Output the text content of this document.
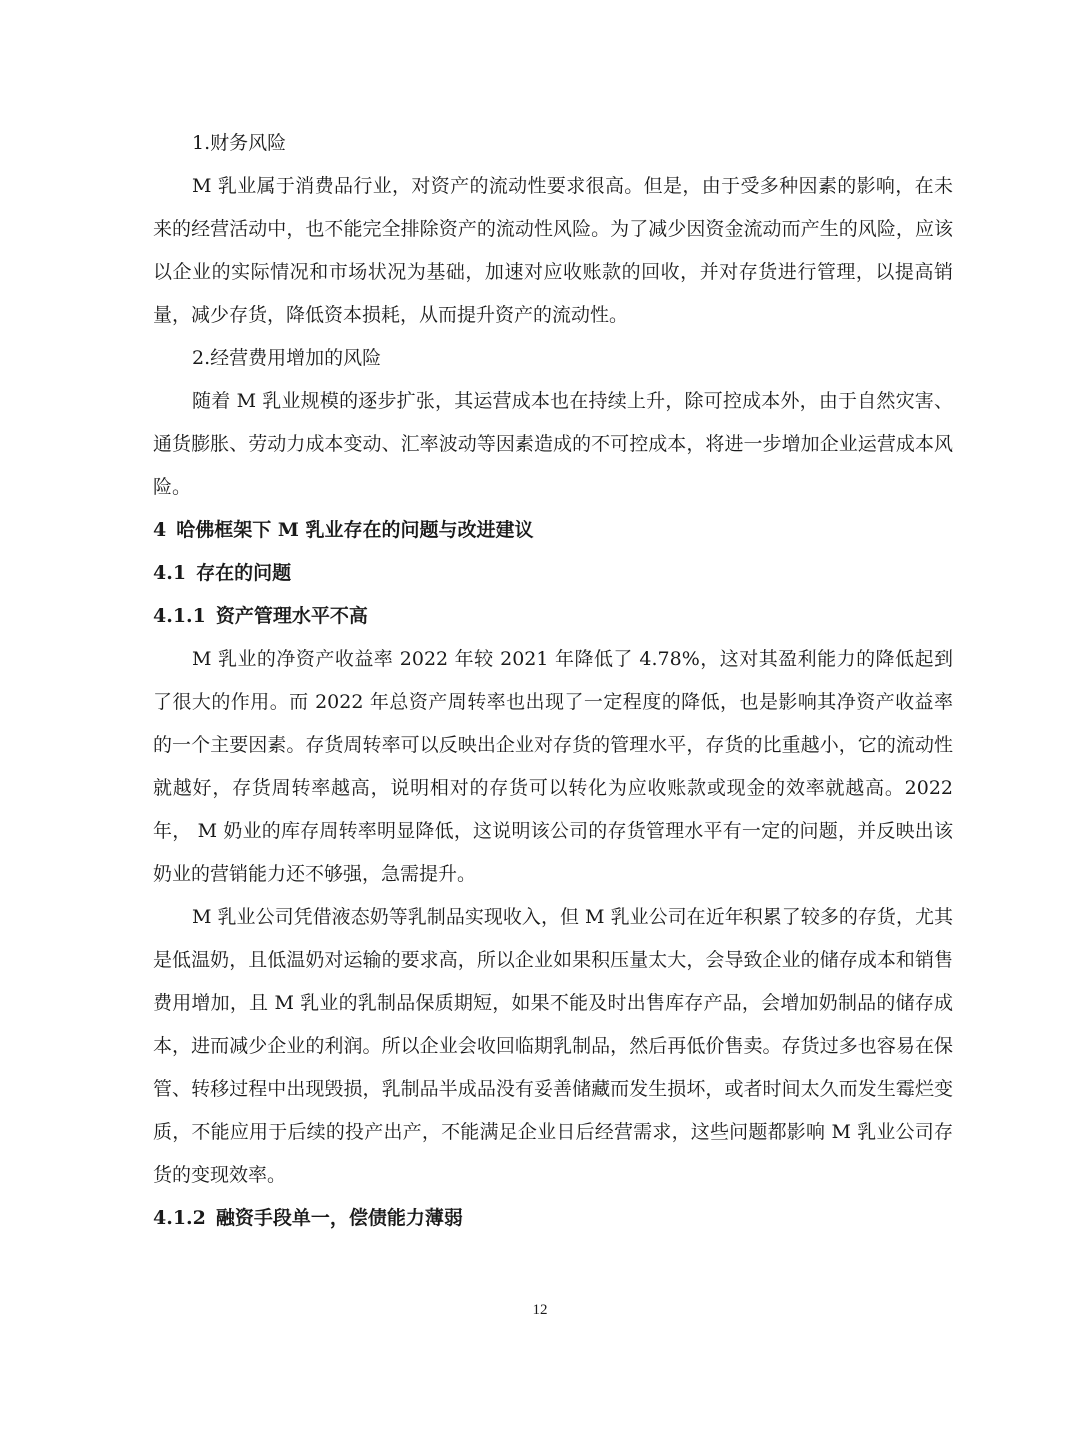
1.财务风险

M 乳业属于消费品行业，对资产的流动性要求很高。但是，由于受多种因素的影响，在未来的经营活动中，也不能完全排除资产的流动性风险。为了减少因资金流动而产生的风险，应该以企业的实际情况和市场状况为基础，加速对应收账款的回收，并对存货进行管理，以提高销量，减少存货，降低资本损耗，从而提升资产的流动性。

2.经营费用增加的风险

随着 M 乳业规模的逐步扩张，其运营成本也在持续上升，除可控成本外，由于自然灾害、通货膨胀、劳动力成本变动、汇率波动等因素造成的不可控成本，将进一步增加企业运营成本风险。

4 哈佛框架下 M 乳业存在的问题与改进建议

4.1 存在的问题

4.1.1 资产管理水平不高

M 乳业的净资产收益率 2022 年较 2021 年降低了 4.78%，这对其盈利能力的降低起到了很大的作用。而 2022 年总资产周转率也出现了一定程度的降低，也是影响其净资产收益率的一个主要因素。存货周转率可以反映出企业对存货的管理水平，存货的比重越小，它的流动性就越好，存货周转率越高，说明相对的存货可以转化为应收账款或现金的效率就越高。2022 年， M 奶业的库存周转率明显降低，这说明该公司的存货管理水平有一定的问题，并反映出该奶业的营销能力还不够强，急需提升。

M 乳业公司凭借液态奶等乳制品实现收入，但 M 乳业公司在近年积累了较多的存货，尤其是低温奶，且低温奶对运输的要求高，所以企业如果积压量太大，会导致企业的储存成本和销售费用增加，且 M 乳业的乳制品保质期短，如果不能及时出售库存产品，会增加奶制品的储存成本，进而减少企业的利润。所以企业会收回临期乳制品，然后再低价售卖。存货过多也容易在保管、转移过程中出现毁损，乳制品半成品没有妥善储藏而发生损坏，或者时间太久而发生霉烂变质，不能应用于后续的投产出产，不能满足企业日后经营需求，这些问题都影响 M 乳业公司存货的变现效率。

4.1.2 融资手段单一，偿债能力薄弱

12
